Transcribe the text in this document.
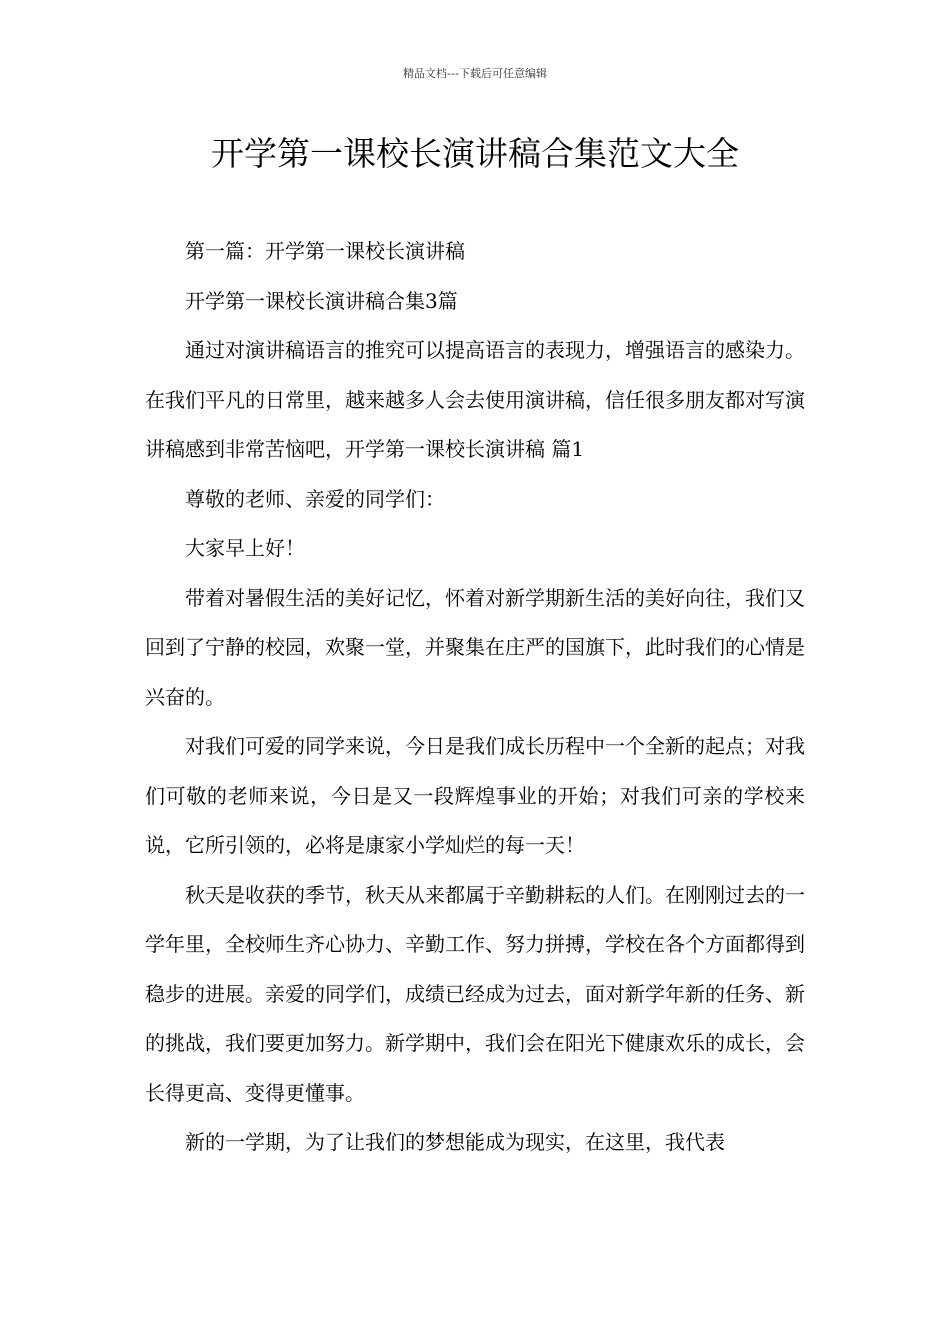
精品文档---下载后可任意编辑
开学第一课校长演讲稿合集范文大全

第一篇：开学第一课校长演讲稿

开学第一课校长演讲稿合集3篇

通过对演讲稿语言的推究可以提高语言的表现力，增强语言的感染力。在我们平凡的日常里，越来越多人会去使用演讲稿，信任很多朋友都对写演讲稿感到非常苦恼吧，开学第一课校长演讲稿 篇1

尊敬的老师、亲爱的同学们：

大家早上好！

带着对暑假生活的美好记忆，怀着对新学期新生活的美好向往，我们又回到了宁静的校园，欢聚一堂，并聚集在庄严的国旗下，此时我们的心情是兴奋的。

对我们可爱的同学来说，今日是我们成长历程中一个全新的起点；对我们可敬的老师来说，今日是又一段辉煌事业的开始；对我们可亲的学校来说，它所引领的，必将是康家小学灿烂的每一天！

秋天是收获的季节，秋天从来都属于辛勤耕耘的人们。在刚刚过去的一学年里，全校师生齐心协力、辛勤工作、努力拼搏，学校在各个方面都得到稳步的进展。亲爱的同学们，成绩已经成为过去，面对新学年新的任务、新的挑战，我们要更加努力。新学期中，我们会在阳光下健康欢乐的成长，会长得更高、变得更懂事。

新的一学期，为了让我们的梦想能成为现实，在这里，我代表
